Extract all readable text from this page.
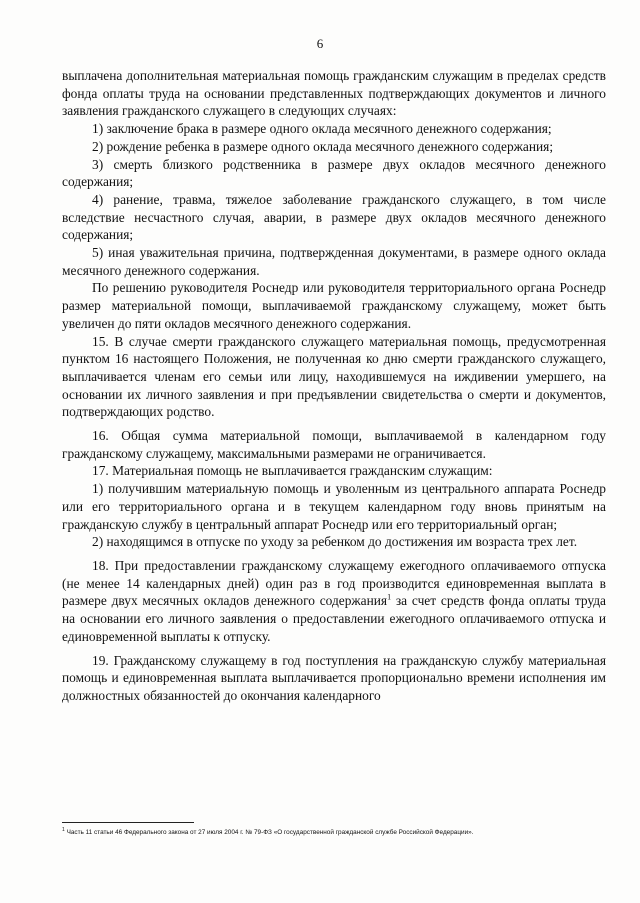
6

выплачена дополнительная материальная помощь гражданским служащим в пределах средств фонда оплаты труда на основании представленных подтверждающих документов и личного заявления гражданского служащего в следующих случаях:

1) заключение брака в размере одного оклада месячного денежного содержания;

2) рождение ребенка в размере одного оклада месячного денежного содержания;

3) смерть близкого родственника в размере двух окладов месячного денежного содержания;

4) ранение, травма, тяжелое заболевание гражданского служащего, в том числе вследствие несчастного случая, аварии, в размере двух окладов месячного денежного содержания;

5) иная уважительная причина, подтвержденная документами, в размере одного оклада месячного денежного содержания.

По решению руководителя Роснедр или руководителя территориального органа Роснедр размер материальной помощи, выплачиваемой гражданскому служащему, может быть увеличен до пяти окладов месячного денежного содержания.

15. В случае смерти гражданского служащего материальная помощь, предусмотренная пунктом 16 настоящего Положения, не полученная ко дню смерти гражданского служащего, выплачивается членам его семьи или лицу, находившемуся на иждивении умершего, на основании их личного заявления и при предъявлении свидетельства о смерти и документов, подтверждающих родство.

16. Общая сумма материальной помощи, выплачиваемой в календарном году гражданскому служащему, максимальными размерами не ограничивается.

17. Материальная помощь не выплачивается гражданским служащим:

1) получившим материальную помощь и уволенным из центрального аппарата Роснедр или его территориального органа и в текущем календарном году вновь принятым на гражданскую службу в центральный аппарат Роснедр или его территориальный орган;

2) находящимся в отпуске по уходу за ребенком до достижения им возраста трех лет.

18. При предоставлении гражданскому служащему ежегодного оплачиваемого отпуска (не менее 14 календарных дней) один раз в год производится единовременная выплата в размере двух месячных окладов денежного содержания$^1$ за счет средств фонда оплаты труда на основании его личного заявления о предоставлении ежегодного оплачиваемого отпуска и единовременной выплаты к отпуску.

19. Гражданскому служащему в год поступления на гражданскую службу материальная помощь и единовременная выплата выплачивается пропорционально времени исполнения им должностных обязанностей до окончания календарного

$^1$ Часть 11 статьи 46 Федерального закона от 27 июля 2004 г. № 79-ФЗ «О государственной гражданской службе Российской Федерации».
